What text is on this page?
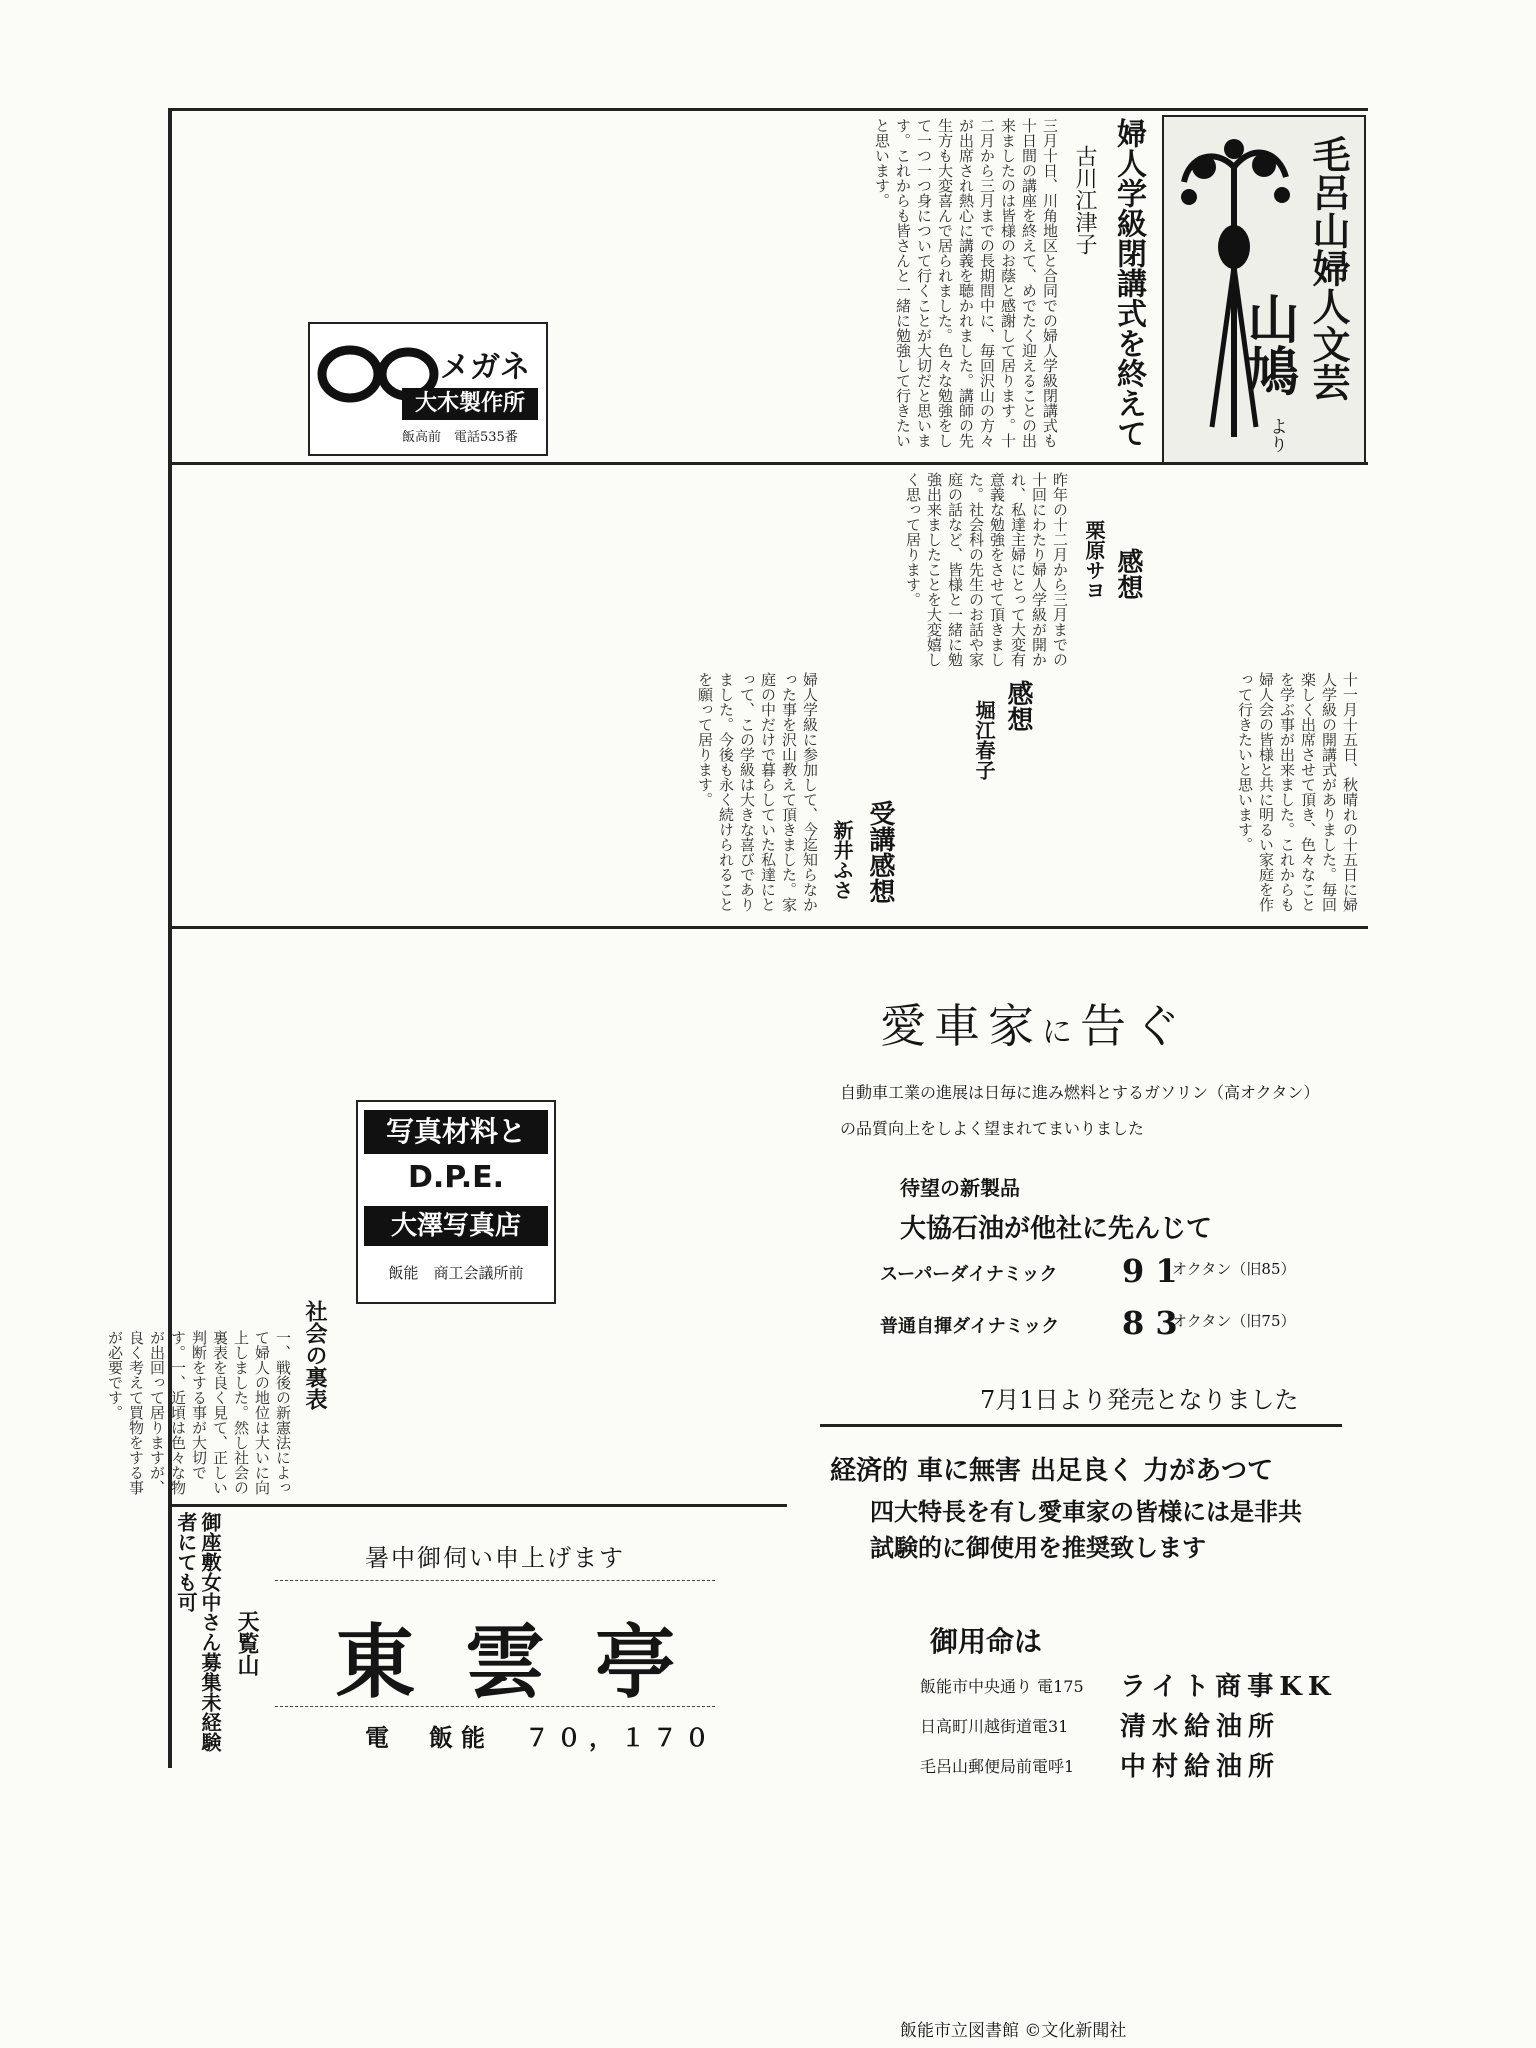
毛呂山婦人文芸
山鳩
より
婦人学級閉講式を終えて
古川江津子
三月十日、川角地区と合同での婦人学級閉講式も十日間の講座を終えて、めでたく迎えることの出来ましたのは皆様のお蔭と感謝して居ります。十二月から三月までの長期間中に、毎回沢山の方々が出席され熱心に講義を聴かれました。講師の先生方も大変喜んで居られました。色々な勉強をして一つ一つ身について行くことが大切だと思います。これからも皆さんと一緒に勉強して行きたいと思います。
メガネ
大木製作所
飯高前　電話535番
感想
栗原サヨ
昨年の十二月から三月までの十回にわたり婦人学級が開かれ、私達主婦にとって大変有意義な勉強をさせて頂きました。社会科の先生のお話や家庭の話など、皆様と一緒に勉強出来ましたことを大変嬉しく思って居ります。
感想
堀江春子	十一月十五日、秋晴れの十五日に婦人学級の開講式がありました。毎回楽しく出席させて頂き、色々なことを学ぶ事が出来ました。これからも婦人会の皆様と共に明るい家庭を作って行きたいと思います。
受講感想
新井ふさ
婦人学級に参加して、今迄知らなかった事を沢山教えて頂きました。家庭の中だけで暮らしていた私達にとって、この学級は大きな喜びでありました。今後も永く続けられることを願って居ります。
写真材料と
D.P.E.
大澤写真店
飯能　商工会議所前
社会の裏表
一、戦後の新憲法によって婦人の地位は大いに向上しました。然し社会の裏表を良く見て、正しい判断をする事が大切です。一、近頃は色々な物が出回って居りますが、良く考えて買物をする事が必要です。
愛車家に告ぐ
自動車工業の進展は日毎に進み燃料とするガソリン（高オクタン）
の品質向上をしよく望まれてまいりました
待望の新製品
大協石油が他社に先んじて
スーパーダイナミック 9 1
オクタン（旧85）
普通自揮ダイナミック 8 3
オクタン（旧75）
7月1日より発売となりました
経済的 車に無害 出足良く 力があつて
四大特長を有し愛車家の皆様には是非共
試験的に御使用を推奨致します
御用命は
飯能市中央通り 電175 ライト商事KK
日高町川越街道電31 清水給油所
毛呂山郵便局前電呼1 中村給油所
暑中御伺い申上げます
天覧山 東雲亭
電　飯能　７０，１７０
御座敷女中さん募集未経験者にても可
飯能市立図書館 ©文化新聞社
